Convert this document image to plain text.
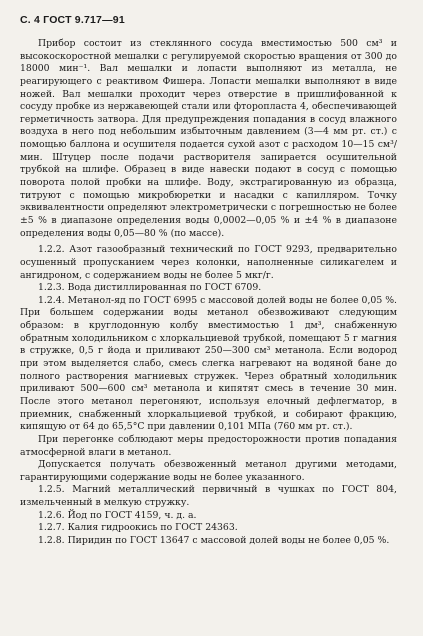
С. 4 ГОСТ 9.717—91

Прибор состоит из стеклянного сосуда вместимостью 500 см³ и высокоскоростной мешалки с регулируемой скоростью вращения от 300 до 18000 мин⁻¹. Вал мешалки и лопасти выполняют из металла, не реагирующего с реактивом Фишера. Лопасти мешалки выполняют в виде ножей. Вал мешалки проходит через отверстие в пришлифованной к сосуду пробке из нержавеющей стали или фторопласта 4, обеспечивающей герметичность затвора. Для предупреждения попадания в сосуд влажного воздуха в него под небольшим избыточным давлением (3—4 мм рт. ст.) с помощью баллона и осушителя подается сухой азот с расходом 10—15 см³/мин. Штуцер после подачи растворителя запирается осушительной трубкой на шлифе. Образец в виде навески подают в сосуд с помощью поворота полой пробки на шлифе. Воду, экстрагированную из образца, титруют с помощью микробюретки и насадки с капилляром. Точку эквивалентности определяют электрометрически с погрешностью не более ±5 % в диапазоне определения воды 0,0002—0,05 % и ±4 % в диапазоне определения воды 0,05—80 % (по массе).

1.2.2. Азот газообразный технический по ГОСТ 9293, предварительно осушенный пропусканием через колонки, наполненные силикагелем и ангидроном, с содержанием воды не более 5 мкг/г.

1.2.3. Вода дистиллированная по ГОСТ 6709.

1.2.4. Метанол-яд по ГОСТ 6995 с массовой долей воды не более 0,05 %. При большем содержании воды метанол обезвоживают следующим образом: в круглодонную колбу вместимостью 1 дм³, снабженную обратным холодильником с хлоркальциевой трубкой, помещают 5 г магния в стружке, 0,5 г йода и приливают 250—300 см³ метанола. Если водород при этом выделяется слабо, смесь слегка нагревают на водяной бане до полного растворения магниевых стружек. Через обратный холодильник приливают 500—600 см³ метанола и кипятят смесь в течение 30 мин. После этого метанол перегоняют, используя елочный дефлегматор, в приемник, снабженный хлоркальциевой трубкой, и собирают фракцию, кипящую от 64 до 65,5°С при давлении 0,101 МПа (760 мм рт. ст.).

При перегонке соблюдают меры предосторожности против попадания атмосферной влаги в метанол.

Допускается получать обезвоженный метанол другими методами, гарантирующими содержание воды не более указанного.

1.2.5. Магний металлический первичный в чушках по ГОСТ 804, измельченный в мелкую стружку.

1.2.6. Йод по ГОСТ 4159, ч. д. а.

1.2.7. Калия гидроокись по ГОСТ 24363.

1.2.8. Пиридин по ГОСТ 13647 с массовой долей воды не более 0,05 %.
